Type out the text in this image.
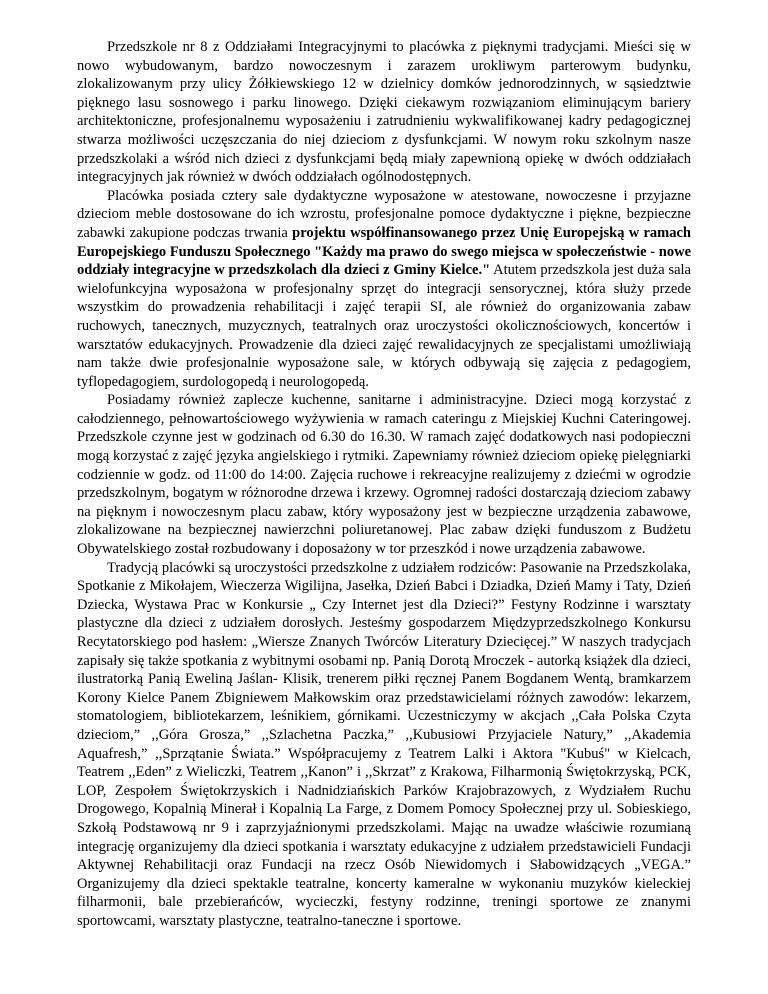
Przedszkole nr 8 z Oddziałami Integracyjnymi to placówka z pięknymi tradycjami. Mieści się w nowo wybudowanym, bardzo nowoczesnym i zarazem urokliwym parterowym budynku, zlokalizowanym przy ulicy Żółkiewskiego 12 w dzielnicy domków jednorodzinnych, w sąsiedztwie pięknego lasu sosnowego i parku linowego. Dzięki ciekawym rozwiązaniom eliminującym bariery architektoniczne, profesjonalnemu wyposażeniu i zatrudnieniu wykwalifikowanej kadry pedagogicznej stwarza możliwości uczęszczania do niej dzieciom z dysfunkcjami. W nowym roku szkolnym nasze przedszkolaki a wśród nich dzieci z dysfunkcjami będą miały zapewnioną opiekę w dwóch oddziałach integracyjnych jak również w dwóch oddziałach ogólnodostępnych.

Placówka posiada cztery sale dydaktyczne wyposażone w atestowane, nowoczesne i przyjazne dzieciom meble dostosowane do ich wzrostu, profesjonalne pomoce dydaktyczne i piękne, bezpieczne zabawki zakupione podczas trwania projektu współfinansowanego przez Unię Europejską w ramach Europejskiego Funduszu Społecznego "Każdy ma prawo do swego miejsca w społeczeństwie - nowe oddziały integracyjne w przedszkolach dla dzieci z Gminy Kielce." Atutem przedszkola jest duża sala wielofunkcyjna wyposażona w profesjonalny sprzęt do integracji sensorycznej, która służy przede wszystkim do prowadzenia rehabilitacji i zajęć terapii SI, ale również do organizowania zabaw ruchowych, tanecznych, muzycznych, teatralnych oraz uroczystości okolicznościowych, koncertów i warsztatów edukacyjnych. Prowadzenie dla dzieci zajęć rewalidacyjnych ze specjalistami umożliwiają nam także dwie profesjonalnie wyposażone sale, w których odbywają się zajęcia z pedagogiem, tyflopedagogiem, surdologopedą i neurologopedą.

Posiadamy również zaplecze kuchenne, sanitarne i administracyjne. Dzieci mogą korzystać z całodziennego, pełnowartościowego wyżywienia w ramach cateringu z Miejskiej Kuchni Cateringowej. Przedszkole czynne jest w godzinach od 6.30 do 16.30. W ramach zajęć dodatkowych nasi podopieczni mogą korzystać z zajęć języka angielskiego i rytmiki. Zapewniamy również dzieciom opiekę pielęgniarki codziennie w godz. od 11:00 do 14:00. Zajęcia ruchowe i rekreacyjne realizujemy z dziećmi w ogrodzie przedszkolnym, bogatym w różnorodne drzewa i krzewy. Ogromnej radości dostarczają dzieciom zabawy na pięknym i nowoczesnym placu zabaw, który wyposażony jest w bezpieczne urządzenia zabawowe, zlokalizowane na bezpiecznej nawierzchni poliuretanowej. Plac zabaw dzięki funduszom z Budżetu Obywatelskiego został rozbudowany i doposażony w tor przeszkód i nowe urządzenia zabawowe.

Tradycją placówki są uroczystości przedszkolne z udziałem rodziców: Pasowanie na Przedszkolaka, Spotkanie z Mikołajem, Wieczerza Wigilijna, Jasełka, Dzień Babci i Dziadka, Dzień Mamy i Taty, Dzień Dziecka, Wystawa Prac w Konkursie „ Czy Internet jest dla Dzieci?” Festyny Rodzinne i warsztaty plastyczne dla dzieci z udziałem dorosłych. Jesteśmy gospodarzem Międzyprzedszkolnego Konkursu Recytatorskiego pod hasłem: „Wiersze Znanych Twórców Literatury Dziecięcej.” W naszych tradycjach zapisały się także spotkania z wybitnymi osobami np. Panią Dorotą Mroczek - autorką książek dla dzieci, ilustratorką Panią Eweliną Jaślan- Klisik, trenerem piłki ręcznej Panem Bogdanem Wentą, bramkarzem Korony Kielce Panem Zbigniewem Małkowskim oraz przedstawicielami różnych zawodów: lekarzem, stomatologiem, bibliotekarzem, leśnikiem, górnikami. Uczestniczymy w akcjach ,,Cała Polska Czyta dzieciom,” ,,Góra Grosza,” ,,Szlachetna Paczka,” ,,Kubusiowi Przyjaciele Natury,” ,,Akademia Aquafresh,” ,,Sprzątanie Świata.” Współpracujemy z Teatrem Lalki i Aktora "Kubuś" w Kielcach, Teatrem ,,Eden” z Wieliczki, Teatrem ,,Kanon” i ,,Skrzat” z Krakowa, Filharmonią Świętokrzyską, PCK, LOP, Zespołem Świętokrzyskich i Nadnidziańskich Parków Krajobrazowych, z Wydziałem Ruchu Drogowego, Kopalnią Minerał i Kopalnią La Farge, z Domem Pomocy Społecznej przy ul. Sobieskiego, Szkołą Podstawową nr 9 i zaprzyjaźnionymi przedszkolami. Mając na uwadze właściwie rozumianą integrację organizujemy dla dzieci spotkania i warsztaty edukacyjne z udziałem przedstawicieli Fundacji Aktywnej Rehabilitacji oraz Fundacji na rzecz Osób Niewidomych i Słabowidzących „VEGA.” Organizujemy dla dzieci spektakle teatralne, koncerty kameralne w wykonaniu muzyków kieleckiej filharmonii, bale przebierańców, wycieczki, festyny rodzinne, treningi sportowe ze znanymi sportowcami, warsztaty plastyczne, teatralno-taneczne i sportowe.
